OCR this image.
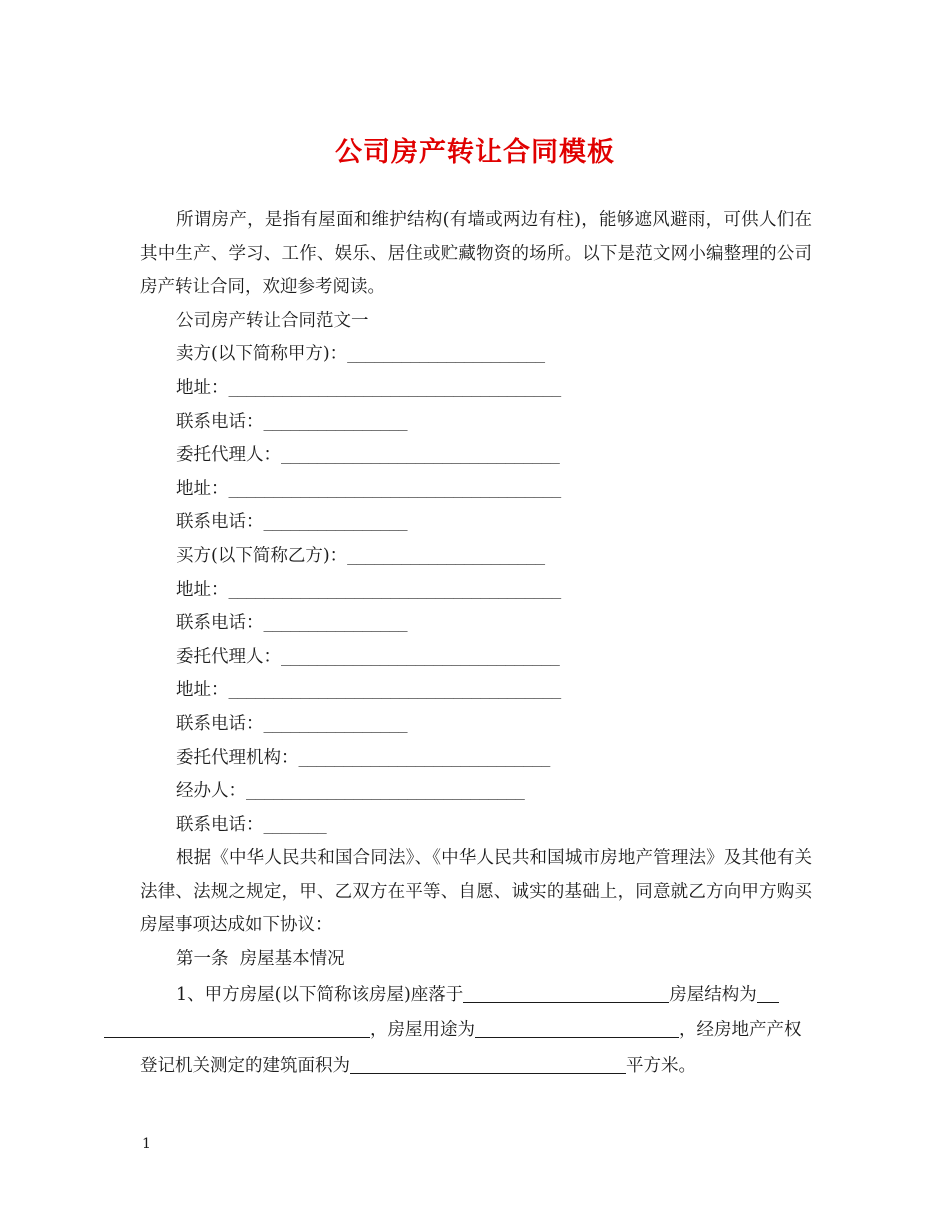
公司房产转让合同模板

所谓房产，是指有屋面和维护结构(有墙或两边有柱)，能够遮风避雨，可供人们在其中生产、学习、工作、娱乐、居住或贮藏物资的场所。以下是范文网小编整理的公司房产转让合同，欢迎参考阅读。

公司房产转让合同范文一

卖方(以下简称甲方)：______________________

地址：_____________________________________

联系电话：________________

委托代理人：_______________________________

地址：_____________________________________

联系电话：________________

买方(以下简称乙方)：______________________

地址：_____________________________________

联系电话：________________

委托代理人：_______________________________

地址：_____________________________________

联系电话：________________

委托代理机构：____________________________

经办人：_______________________________

联系电话：_______

根据《中华人民共和国合同法》、《中华人民共和国城市房地产管理法》及其他有关法律、法规之规定，甲、乙双方在平等、自愿、诚实的基础上，同意就乙方向甲方购买房屋事项达成如下协议：

第一条  房屋基本情况

1、甲方房屋(以下简称该房屋)座落于	房屋结构为
，房屋用途为	，经房地产产权登记机关测定的建筑面积为	平方米。

1
